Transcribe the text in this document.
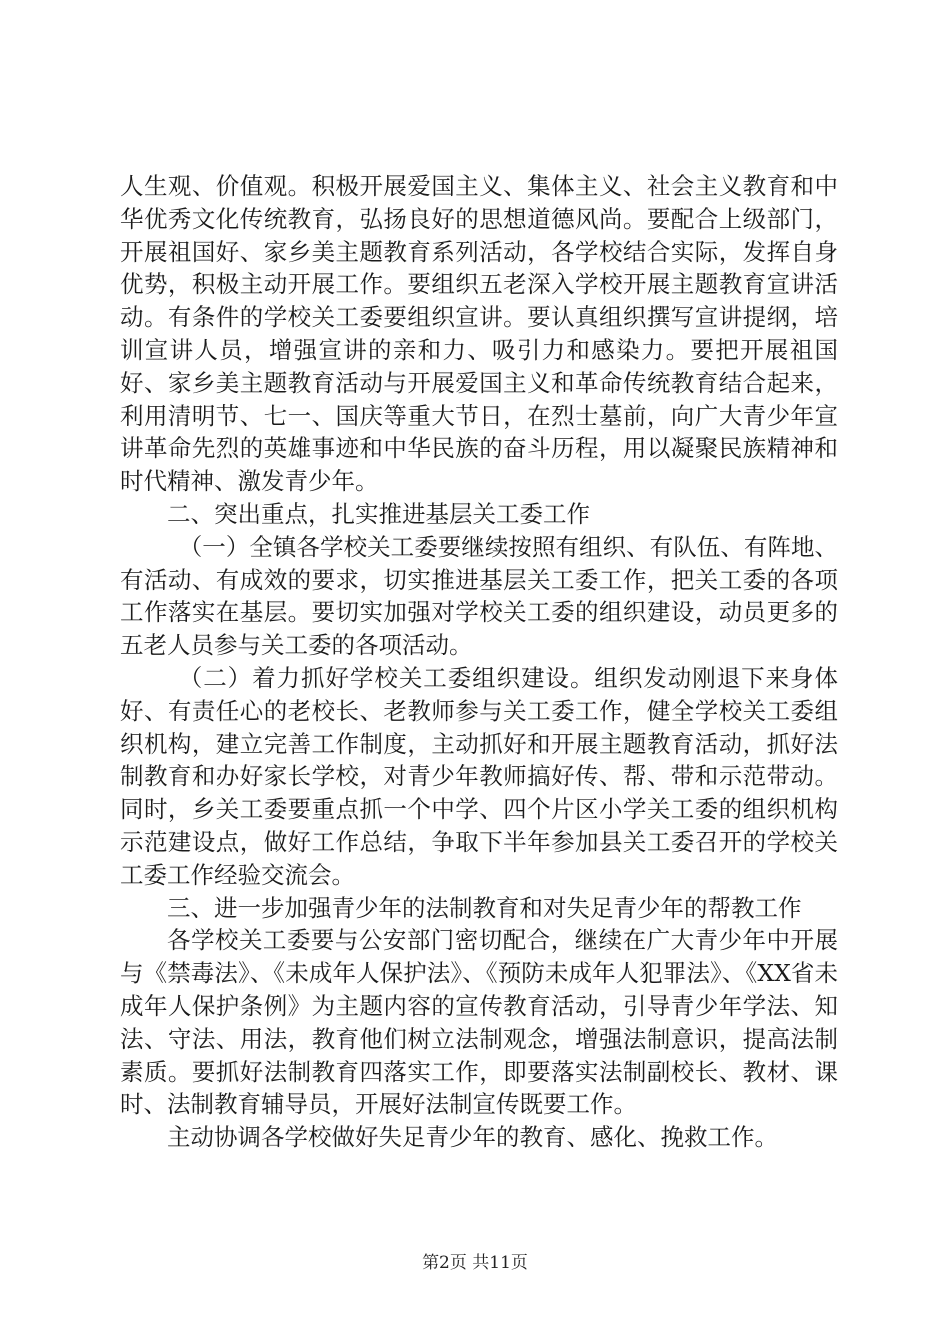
人生观、价值观。积极开展爱国主义、集体主义、社会主义教育和中华优秀文化传统教育，弘扬良好的思想道德风尚。要配合上级部门，开展祖国好、家乡美主题教育系列活动，各学校结合实际，发挥自身优势，积极主动开展工作。要组织五老深入学校开展主题教育宣讲活动。有条件的学校关工委要组织宣讲。要认真组织撰写宣讲提纲，培训宣讲人员，增强宣讲的亲和力、吸引力和感染力。要把开展祖国好、家乡美主题教育活动与开展爱国主义和革命传统教育结合起来，利用清明节、七一、国庆等重大节日，在烈士墓前，向广大青少年宣讲革命先烈的英雄事迹和中华民族的奋斗历程，用以凝聚民族精神和时代精神、激发青少年。

二、突出重点，扎实推进基层关工委工作

（一）全镇各学校关工委要继续按照有组织、有队伍、有阵地、有活动、有成效的要求，切实推进基层关工委工作，把关工委的各项工作落实在基层。要切实加强对学校关工委的组织建设，动员更多的五老人员参与关工委的各项活动。

（二）着力抓好学校关工委组织建设。组织发动刚退下来身体好、有责任心的老校长、老教师参与关工委工作，健全学校关工委组织机构，建立完善工作制度，主动抓好和开展主题教育活动，抓好法制教育和办好家长学校，对青少年教师搞好传、帮、带和示范带动。同时，乡关工委要重点抓一个中学、四个片区小学关工委的组织机构示范建设点，做好工作总结，争取下半年参加县关工委召开的学校关工委工作经验交流会。

三、进一步加强青少年的法制教育和对失足青少年的帮教工作

各学校关工委要与公安部门密切配合，继续在广大青少年中开展与《禁毒法》、《未成年人保护法》、《预防未成年人犯罪法》、《XX省未成年人保护条例》为主题内容的宣传教育活动，引导青少年学法、知法、守法、用法，教育他们树立法制观念，增强法制意识，提高法制素质。要抓好法制教育四落实工作，即要落实法制副校长、教材、课时、法制教育辅导员，开展好法制宣传既要工作。

主动协调各学校做好失足青少年的教育、感化、挽救工作。

第2页 共11页
